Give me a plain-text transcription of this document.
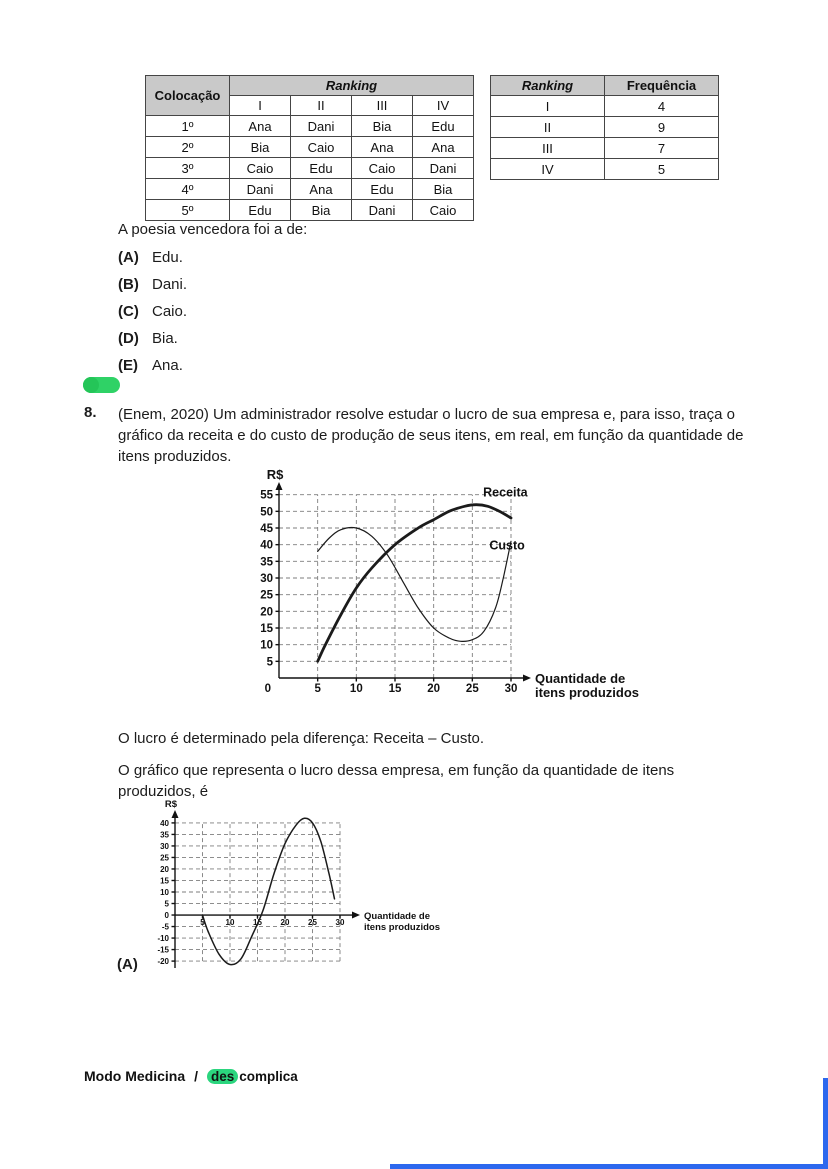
Colocação	Ranking			
	I	II	III	IV
1º	Ana	Dani	Bia	Edu
2º	Bia	Caio	Ana	Ana
3º	Caio	Edu	Caio	Dani
4º	Dani	Ana	Edu	Bia
5º	Edu	Bia	Dani	Caio
Ranking	Frequência
I	4
II	9
III	7
IV	5
A poesia vencedora foi a de:
(A) Edu.
(B) Dani.
(C) Caio.
(D) Bia.
(E) Ana.
8. (Enem, 2020) Um administrador resolve estudar o lucro de sua empresa e, para isso, traça o gráfico da receita e do custo de produção de seus itens, em real, em função da quantidade de itens produzidos.
5
10
15
20
25
30
35
40
45
50
55
5	10 15 20 25 30
0
R$
Quantidade de
itens produzidos
Receita
Custo
O lucro é determinado pela diferença: Receita – Custo.
O gráfico que representa o lucro dessa empresa, em função da quantidade de itens produzidos, é
-20
-15
-10
-5
0
5
10
15
20
25
30
35
40
5	10 15 20 25 30
R$
Quantidade de
itens produzidos
(A)
Modo Medicina / des complica
